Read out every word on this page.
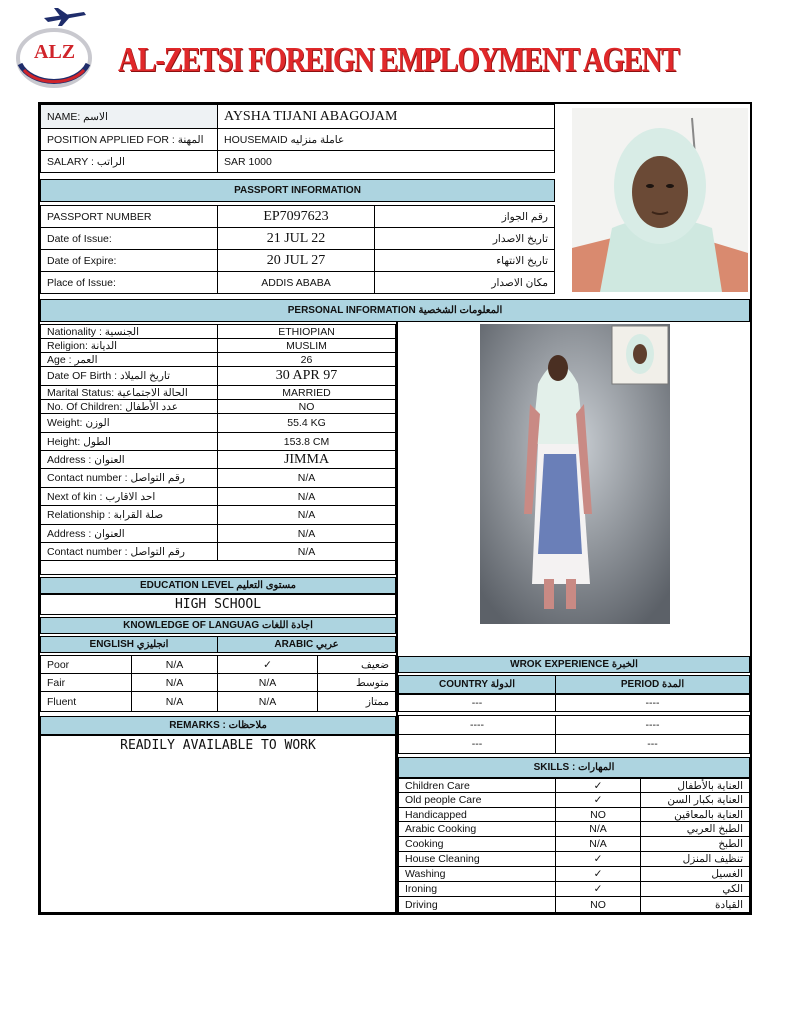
ALZ AL-ZETSI FOREIGN EMPLOYMENT AGENT
NAME: الاسم	AYSHA TIJANI ABAGOJAM
POSITION APPLIED FOR : المهنة	HOUSEMAID عاملة منزلیه
SALARY : الراتب	SAR 1000
PASSPORT INFORMATION
PASSPORT NUMBER	EP7097623	رقم الجواز
Date of Issue:	21 JUL 22	تاريخ الاصدار
Date of Expire:	20 JUL 27	تاريخ الانتهاء
Place of Issue:	ADDIS ABABA	مكان الاصدار
PERSONAL INFORMATION المعلومات الشخصية
Nationality : الجنسية	ETHIOPIAN
Religion: الديانة	MUSLIM
Age : العمر	26
Date OF Birth : تاريخ الميلاد	30 APR 97
Marital Status: الحالة الاجتماعية	MARRIED
No. Of Children: عدد الأطفال	NO
Weight: الوزن	55.4 KG
Height: الطول	153.8 CM
Address : العنوان	JIMMA
Contact number : رقم التواصل	N/A
Next of kin : احد الاقارب	N/A
Relationship : صلة القرابة	N/A
Address : العنوان	N/A
Contact number : رقم التواصل	N/A
EDUCATION LEVEL مستوى التعليم
HIGH SCHOOL
KNOWLEDGE OF LANGUAG اجادة اللغات
ENGLISH انجليزي	ARABIC عربي
Poor	N/A	✓	ضعيف
Fair	N/A	N/A	متوسط
Fluent	N/A	N/A	ممتاز
REMARKS : ملاحظات
READILY AVAILABLE TO WORK
WROK EXPERIENCE الخبرة
COUNTRY الدولة	PERIOD المدة
---	----
----	----
---	---
SKILLS : المهارات
Children Care	✓	العناية بالأطفال
Old people Care	✓	العناية بكبار السن
Handicapped	NO	العناية بالمعاقين
Arabic Cooking	N/A	الطبخ العربي
Cooking	N/A	الطبخ
House Cleaning	✓	تنظيف المنزل
Washing	✓	الغسيل
Ironing	✓	الكي
Driving	NO	القيادة
